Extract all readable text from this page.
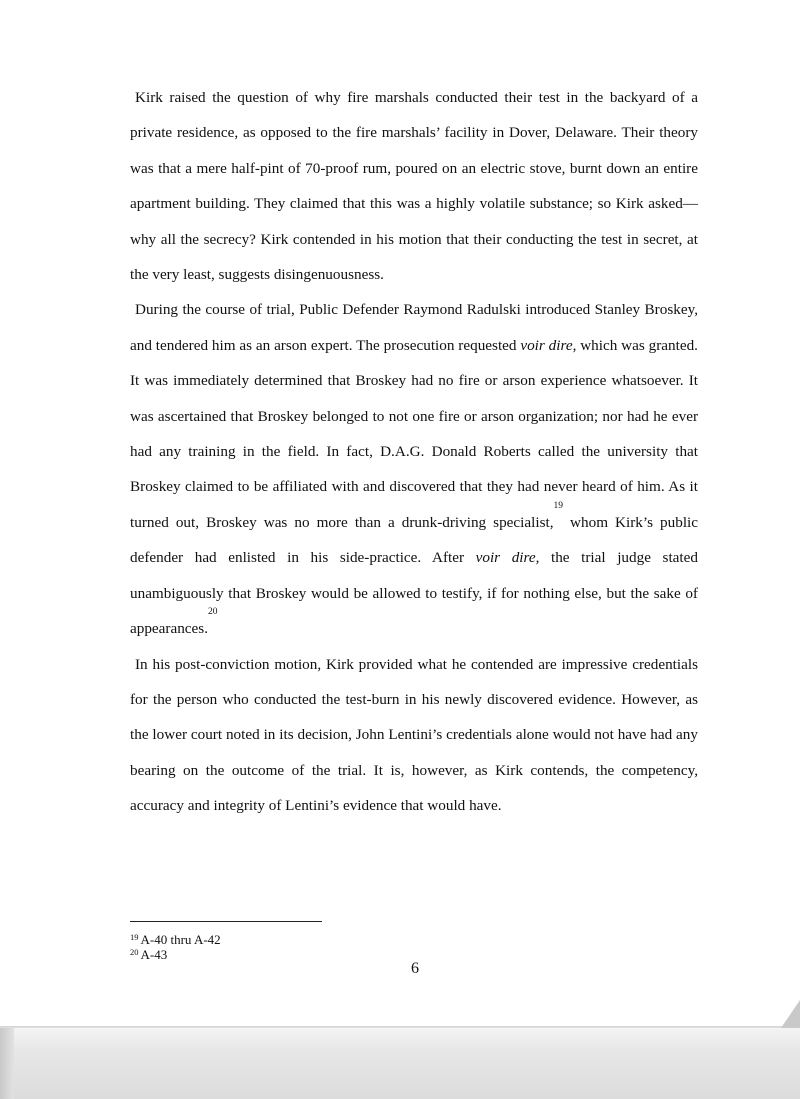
Kirk raised the question of why fire marshals conducted their test in the backyard of a private residence, as opposed to the fire marshals’ facility in Dover, Delaware. Their theory was that a mere half-pint of 70-proof rum, poured on an electric stove, burnt down an entire apartment building. They claimed that this was a highly volatile substance; so Kirk asked—why all the secrecy? Kirk contended in his motion that their conducting the test in secret, at the very least, suggests disingenuousness.

During the course of trial, Public Defender Raymond Radulski introduced Stanley Broskey, and tendered him as an arson expert. The prosecution requested voir dire, which was granted. It was immediately determined that Broskey had no fire or arson experience whatsoever. It was ascertained that Broskey belonged to not one fire or arson organization; nor had he ever had any training in the field. In fact, D.A.G. Donald Roberts called the university that Broskey claimed to be affiliated with and discovered that they had never heard of him. As it turned out, Broskey was no more than a drunk-driving specialist,$^{19}$ whom Kirk’s public defender had enlisted in his side-practice. After voir dire, the trial judge stated unambiguously that Broskey would be allowed to testify, if for nothing else, but the sake of appearances.$^{20}$

In his post-conviction motion, Kirk provided what he contended are impressive credentials for the person who conducted the test-burn in his newly discovered evidence. However, as the lower court noted in its decision, John Lentini’s credentials alone would not have had any bearing on the outcome of the trial. It is, however, as Kirk contends, the competency, accuracy and integrity of Lentini’s evidence that would have.

$^{19}$ A-40 thru A-42
$^{20}$ A-43
6
